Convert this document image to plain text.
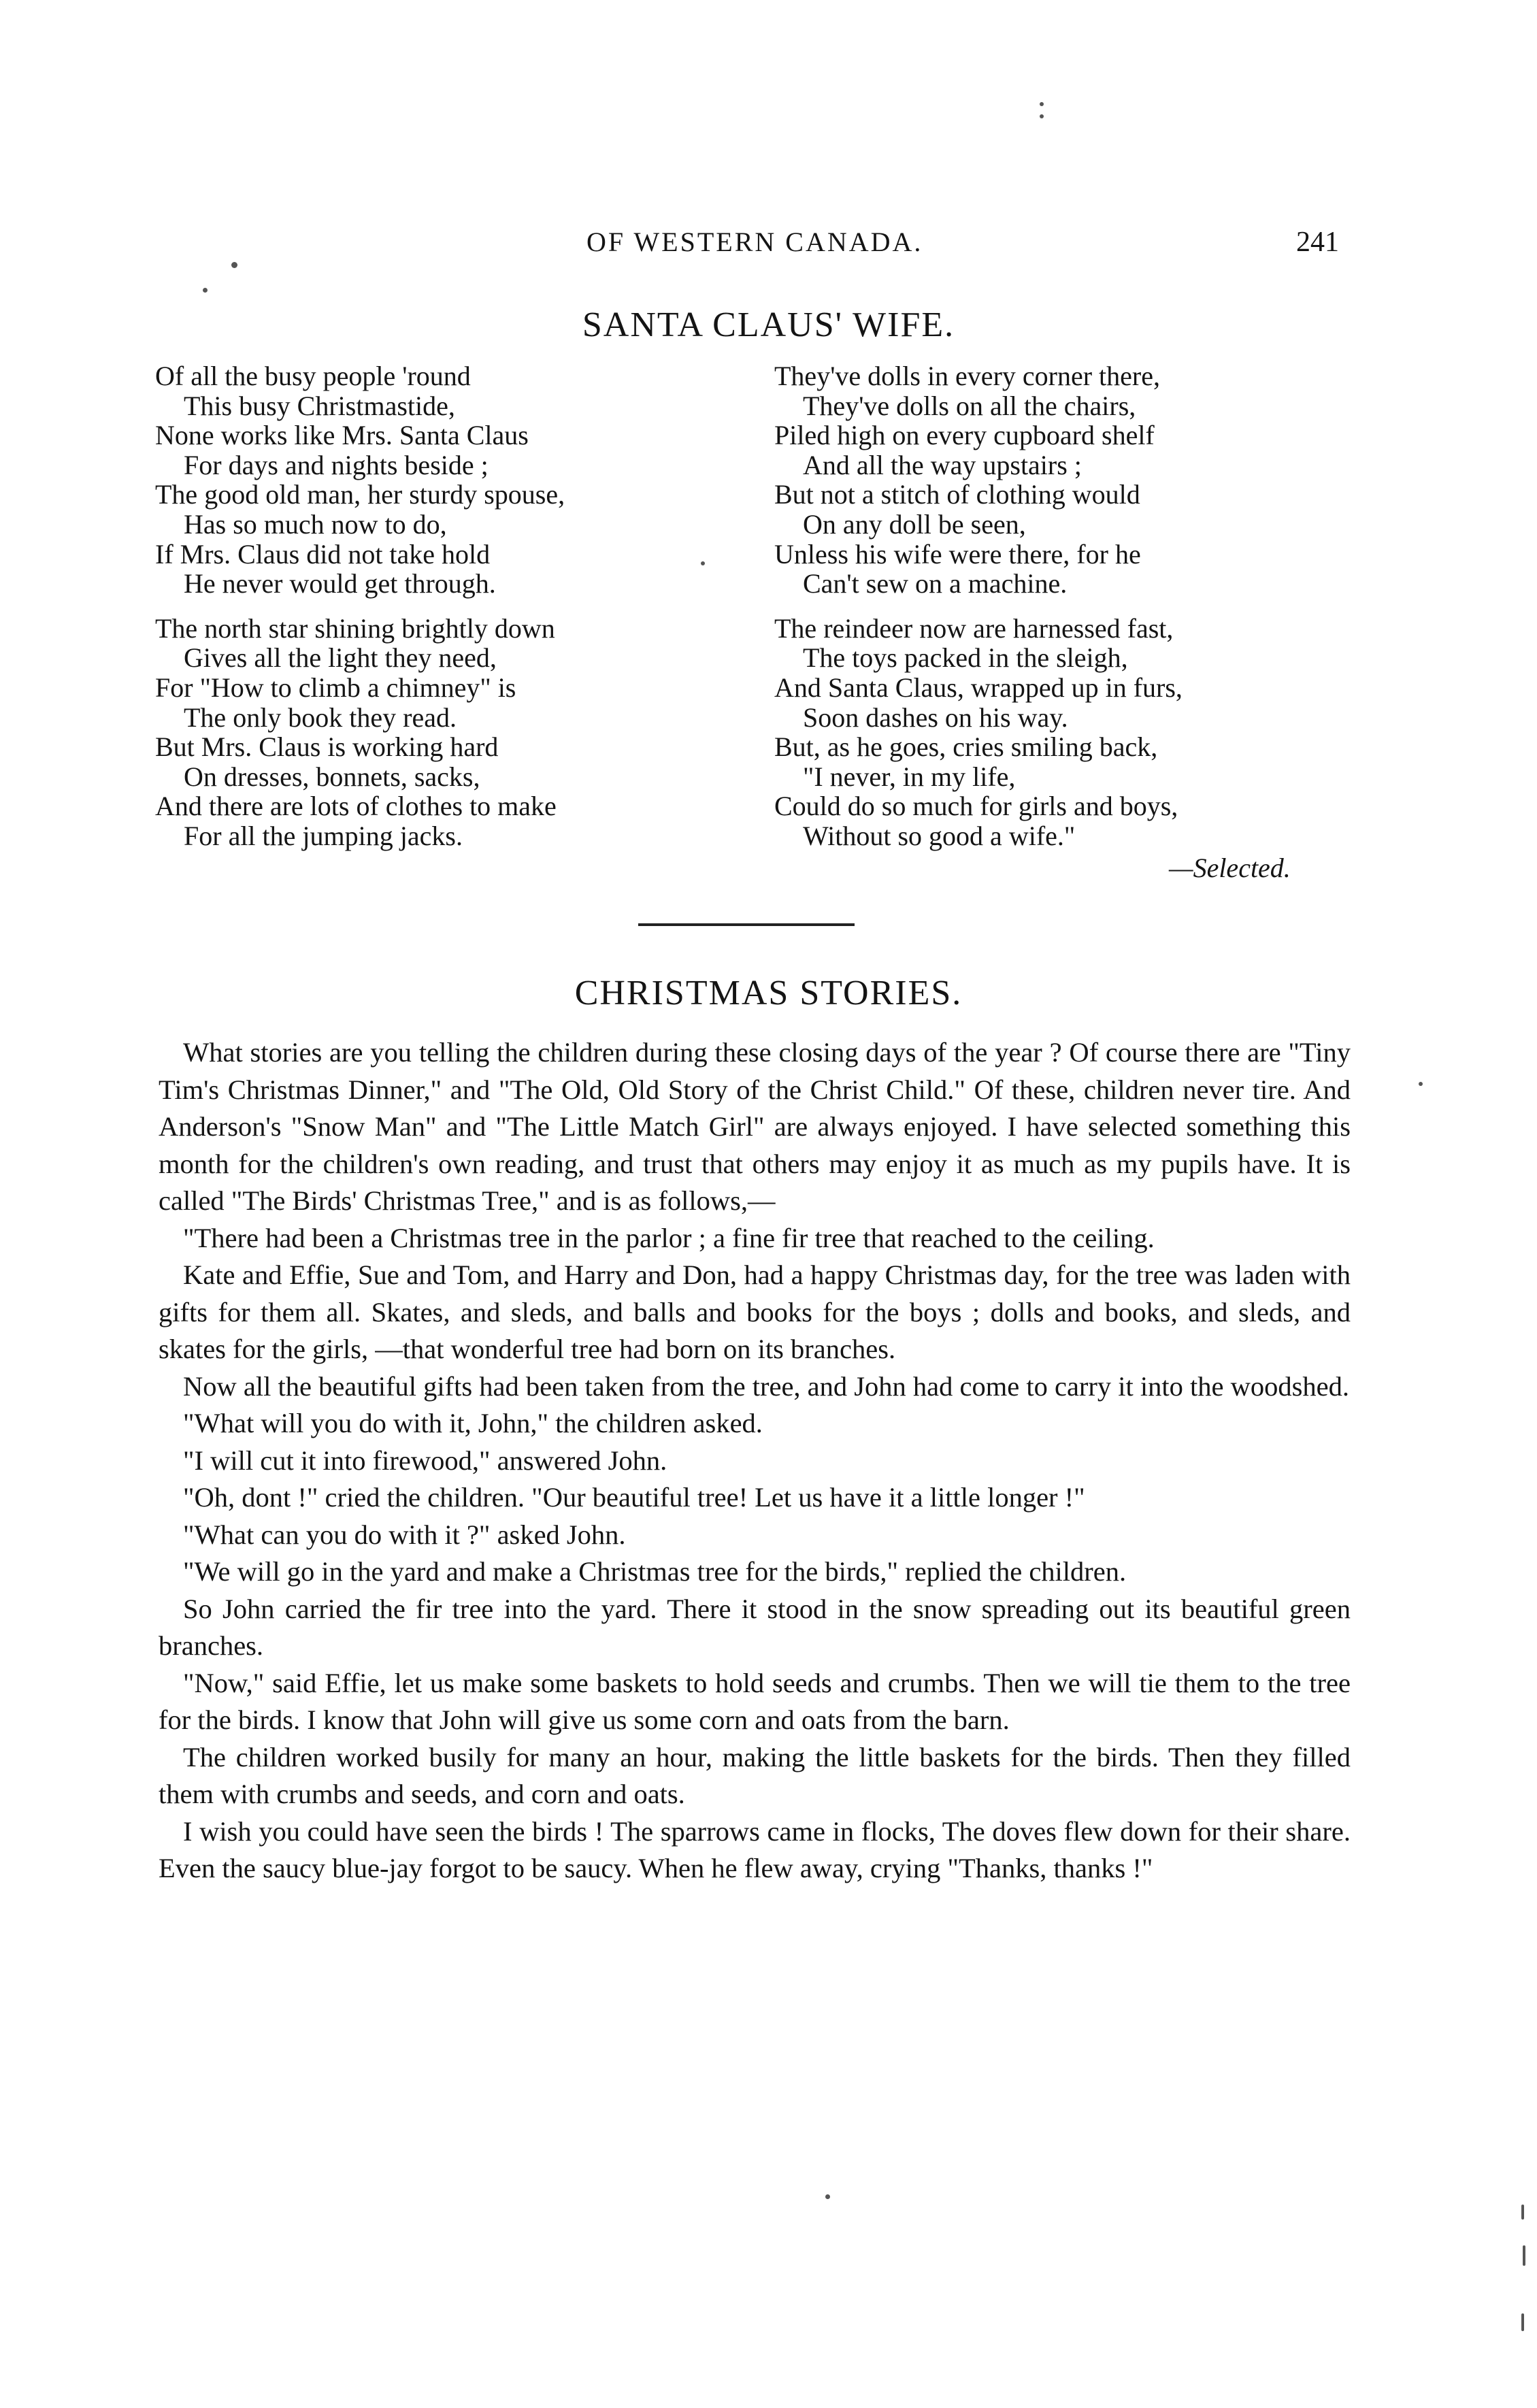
OF WESTERN CANADA.	241
SANTA CLAUS' WIFE.
Of all the busy people 'round
This busy Christmastide,
None works like Mrs. Santa Claus
For days and nights beside ;
The good old man, her sturdy spouse,
Has so much now to do,
If Mrs. Claus did not take hold
He never would get through.
The north star shining brightly down
Gives all the light they need,
For "How to climb a chimney" is
The only book they read.
But Mrs. Claus is working hard
On dresses, bonnets, sacks,
And there are lots of clothes to make
For all the jumping jacks.
They've dolls in every corner there,
They've dolls on all the chairs,
Piled high on every cupboard shelf
And all the way upstairs ;
But not a stitch of clothing would
On any doll be seen,
Unless his wife were there, for he
Can't sew on a machine.
The reindeer now are harnessed fast,
The toys packed in the sleigh,
And Santa Claus, wrapped up in furs,
Soon dashes on his way.
But, as he goes, cries smiling back,
"I never, in my life,
Could do so much for girls and boys,
Without so good a wife."
—Selected.
CHRISTMAS STORIES.

What stories are you telling the children during these closing days of the year ? Of course there are "Tiny Tim's Christmas Dinner," and "The Old, Old Story of the Christ Child." Of these, children never tire. And Anderson's "Snow Man" and "The Little Match Girl" are always enjoyed. I have selected something this month for the children's own reading, and trust that others may enjoy it as much as my pupils have. It is called "The Birds' Christmas Tree," and is as follows,—

"There had been a Christmas tree in the parlor ; a fine fir tree that reached to the ceiling.

Kate and Effie, Sue and Tom, and Harry and Don, had a happy Christmas day, for the tree was laden with gifts for them all. Skates, and sleds, and balls and books for the boys ; dolls and books, and sleds, and skates for the girls, —that wonderful tree had born on its branches.

Now all the beautiful gifts had been taken from the tree, and John had come to carry it into the woodshed.

"What will you do with it, John," the children asked.

"I will cut it into firewood," answered John.

"Oh, dont !" cried the children. "Our beautiful tree! Let us have it a little longer !"

"What can you do with it ?" asked John.

"We will go in the yard and make a Christmas tree for the birds," replied the children.

So John carried the fir tree into the yard. There it stood in the snow spreading out its beautiful green branches.

"Now," said Effie, let us make some baskets to hold seeds and crumbs. Then we will tie them to the tree for the birds. I know that John will give us some corn and oats from the barn.

The children worked busily for many an hour, making the little baskets for the birds. Then they filled them with crumbs and seeds, and corn and oats.

I wish you could have seen the birds ! The sparrows came in flocks, The doves flew down for their share. Even the saucy blue-jay forgot to be saucy. When he flew away, crying "Thanks, thanks !"
